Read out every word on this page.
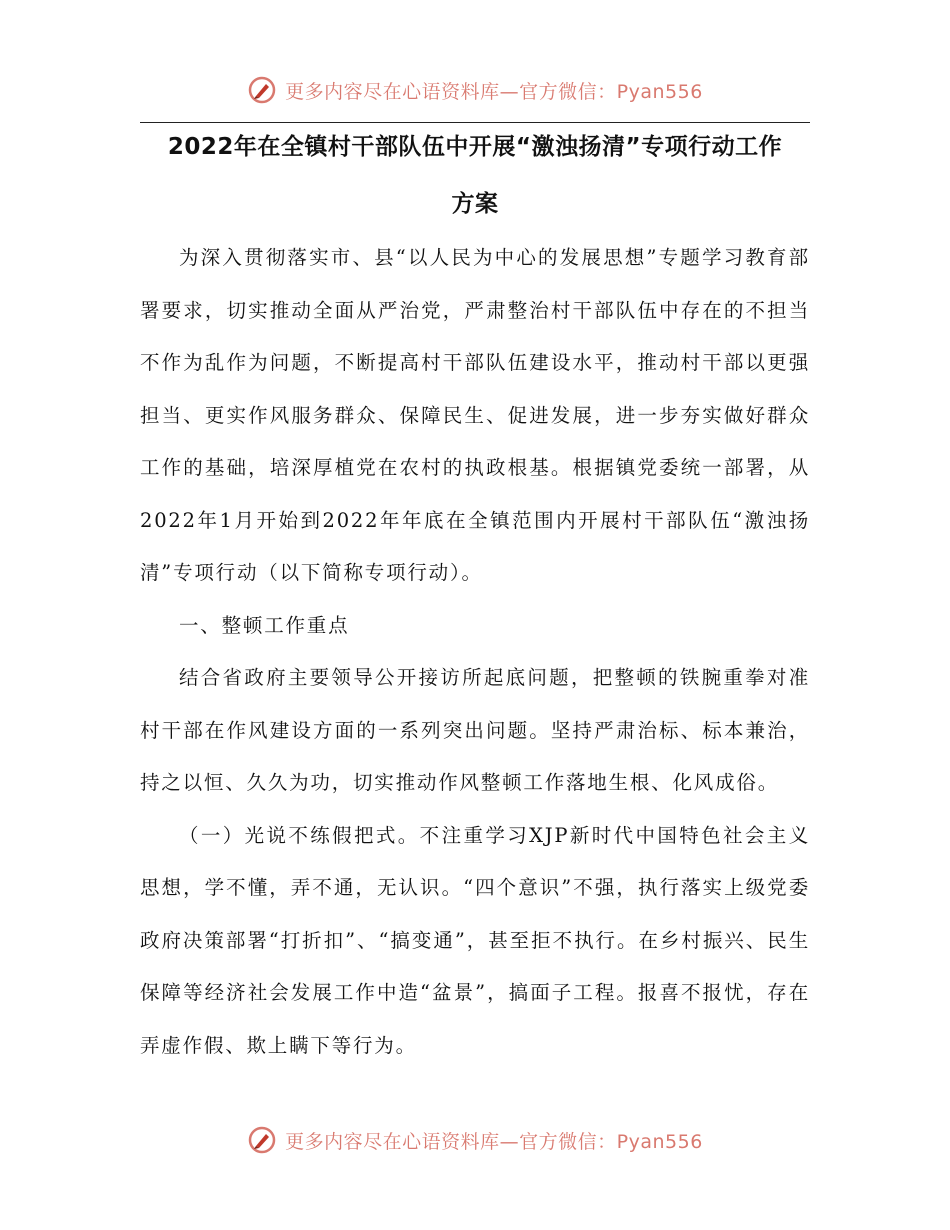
更多内容尽在心语资料库—官方微信：Pyan556
2022年在全镇村干部队伍中开展“激浊扬清”专项行动工作
方案

为深入贯彻落实市、县“以人民为中心的发展思想”专题学习教育部署要求，切实推动全面从严治党，严肃整治村干部队伍中存在的不担当不作为乱作为问题，不断提高村干部队伍建设水平，推动村干部以更强担当、更实作风服务群众、保障民生、促进发展，进一步夯实做好群众工作的基础，培深厚植党在农村的执政根基。根据镇党委统一部署，从2022年1月开始到2022年年底在全镇范围内开展村干部队伍“激浊扬清”专项行动（以下简称专项行动）。

一、整顿工作重点

结合省政府主要领导公开接访所起底问题，把整顿的铁腕重拳对准村干部在作风建设方面的一系列突出问题。坚持严肃治标、标本兼治，持之以恒、久久为功，切实推动作风整顿工作落地生根、化风成俗。

（一）光说不练假把式。不注重学习XJP新时代中国特色社会主义思想，学不懂，弄不通，无认识。“四个意识”不强，执行落实上级党委政府决策部署“打折扣”、“搞变通”，甚至拒不执行。在乡村振兴、民生保障等经济社会发展工作中造“盆景”，搞面子工程。报喜不报忧，存在弄虚作假、欺上瞒下等行为。

更多内容尽在心语资料库—官方微信：Pyan556
